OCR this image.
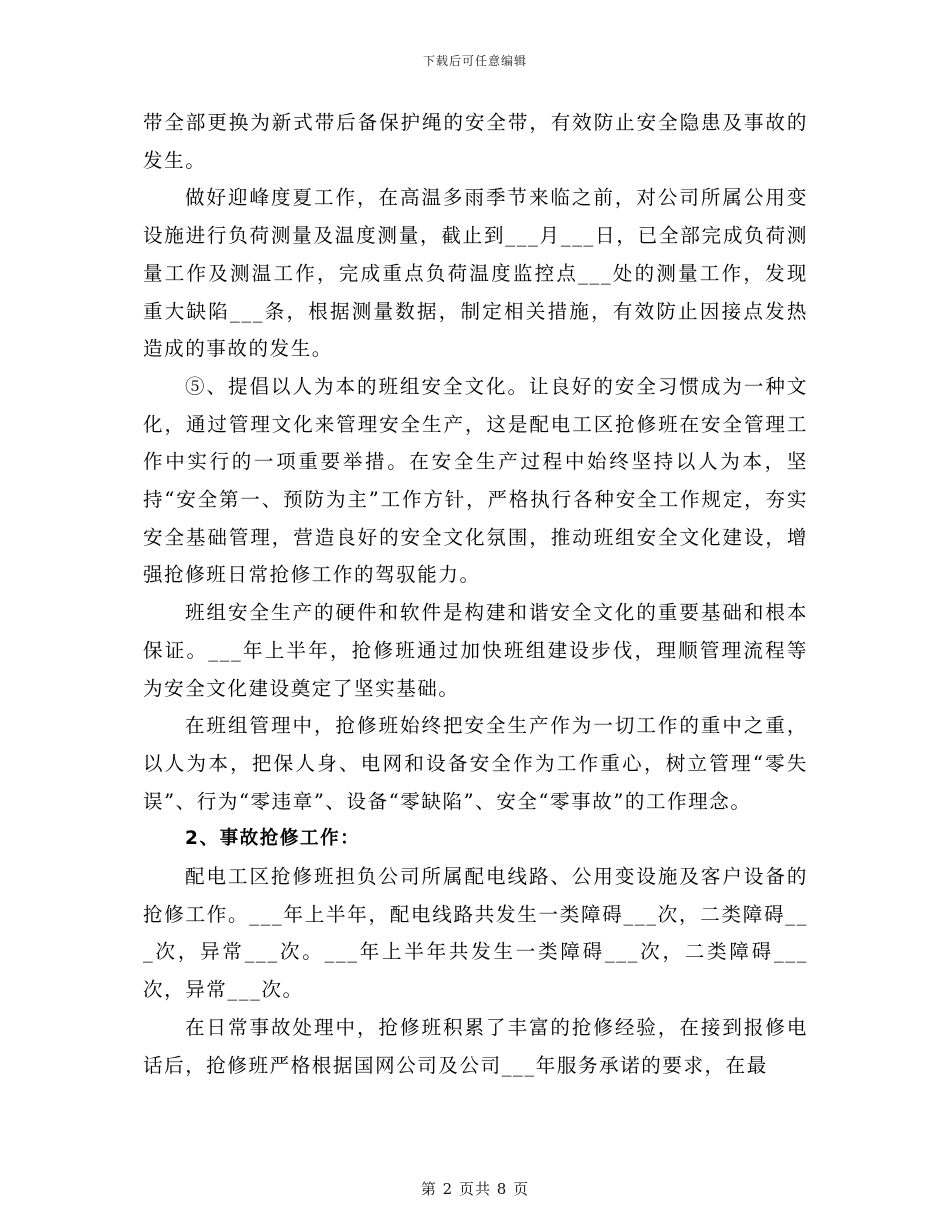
下载后可任意编辑

带全部更换为新式带后备保护绳的安全带，有效防止安全隐患及事故的发生。

做好迎峰度夏工作，在高温多雨季节来临之前，对公司所属公用变设施进行负荷测量及温度测量，截止到___月___日，已全部完成负荷测量工作及测温工作，完成重点负荷温度监控点___处的测量工作，发现重大缺陷___条，根据测量数据，制定相关措施，有效防止因接点发热造成的事故的发生。

⑤、提倡以人为本的班组安全文化。让良好的安全习惯成为一种文化，通过管理文化来管理安全生产，这是配电工区抢修班在安全管理工作中实行的一项重要举措。在安全生产过程中始终坚持以人为本，坚持“安全第一、预防为主”工作方针，严格执行各种安全工作规定，夯实安全基础管理，营造良好的安全文化氛围，推动班组安全文化建设，增强抢修班日常抢修工作的驾驭能力。

班组安全生产的硬件和软件是构建和谐安全文化的重要基础和根本保证。___年上半年，抢修班通过加快班组建设步伐，理顺管理流程等为安全文化建设奠定了坚实基础。

在班组管理中，抢修班始终把安全生产作为一切工作的重中之重，以人为本，把保人身、电网和设备安全作为工作重心，树立管理“零失误”、行为“零违章”、设备“零缺陷”、安全“零事故”的工作理念。

2、事故抢修工作：

配电工区抢修班担负公司所属配电线路、公用变设施及客户设备的抢修工作。___年上半年，配电线路共发生一类障碍___次，二类障碍___次，异常___次。___年上半年共发生一类障碍___次，二类障碍___次，异常___次。

在日常事故处理中，抢修班积累了丰富的抢修经验，在接到报修电话后，抢修班严格根据国网公司及公司___年服务承诺的要求，在最

第 2 页共 8 页
